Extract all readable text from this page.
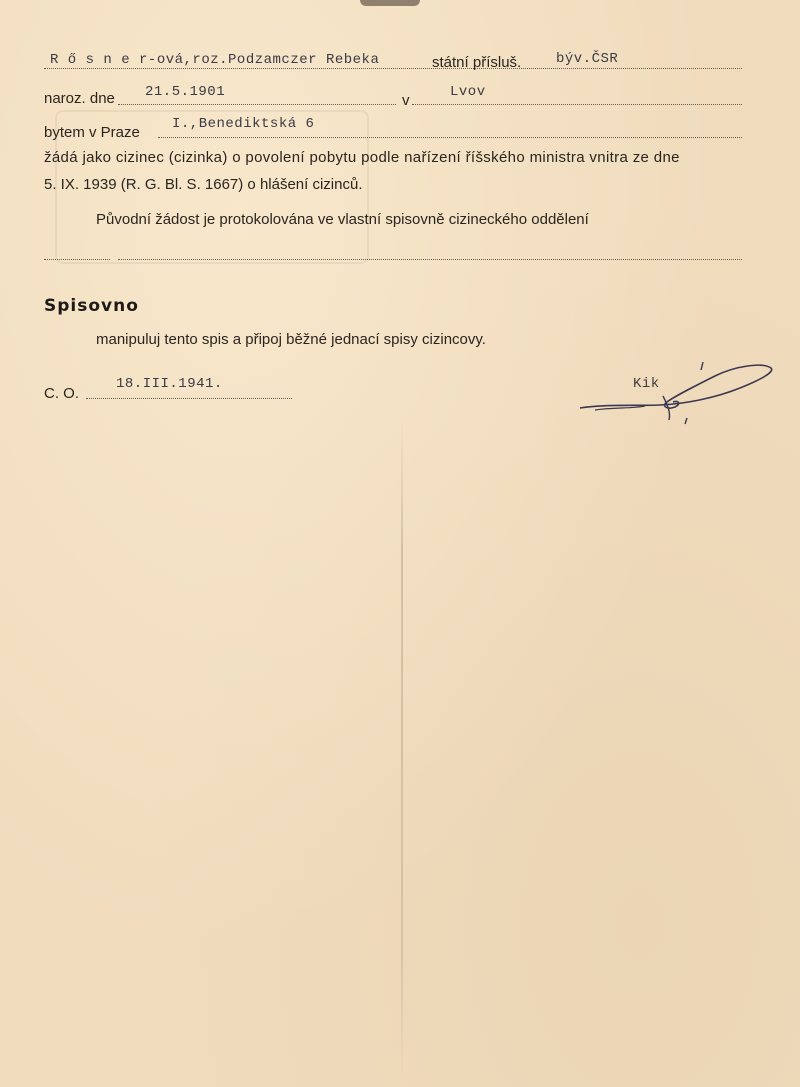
R ő s n e r-ová,roz.Podzamczer Rebeka	státní přísluš. býv.ČSR
naroz. dne 21.5.1901	v	Lvov
bytem v Praze I.,Benediktská 6
žádá jako cizinec (cizinka) o povolení pobytu podle nařízení říšského ministra vnitra ze dne
5. IX. 1939 (R. G. Bl. S. 1667) o hlášení cizinců.
Původní žádost je protokolována ve vlastní spisovně cizineckého oddělení
Spisovno
manipuluj tento spis a připoj běžné jednací spisy cizincovy.
C. O.
18.III.1941.	Kik
